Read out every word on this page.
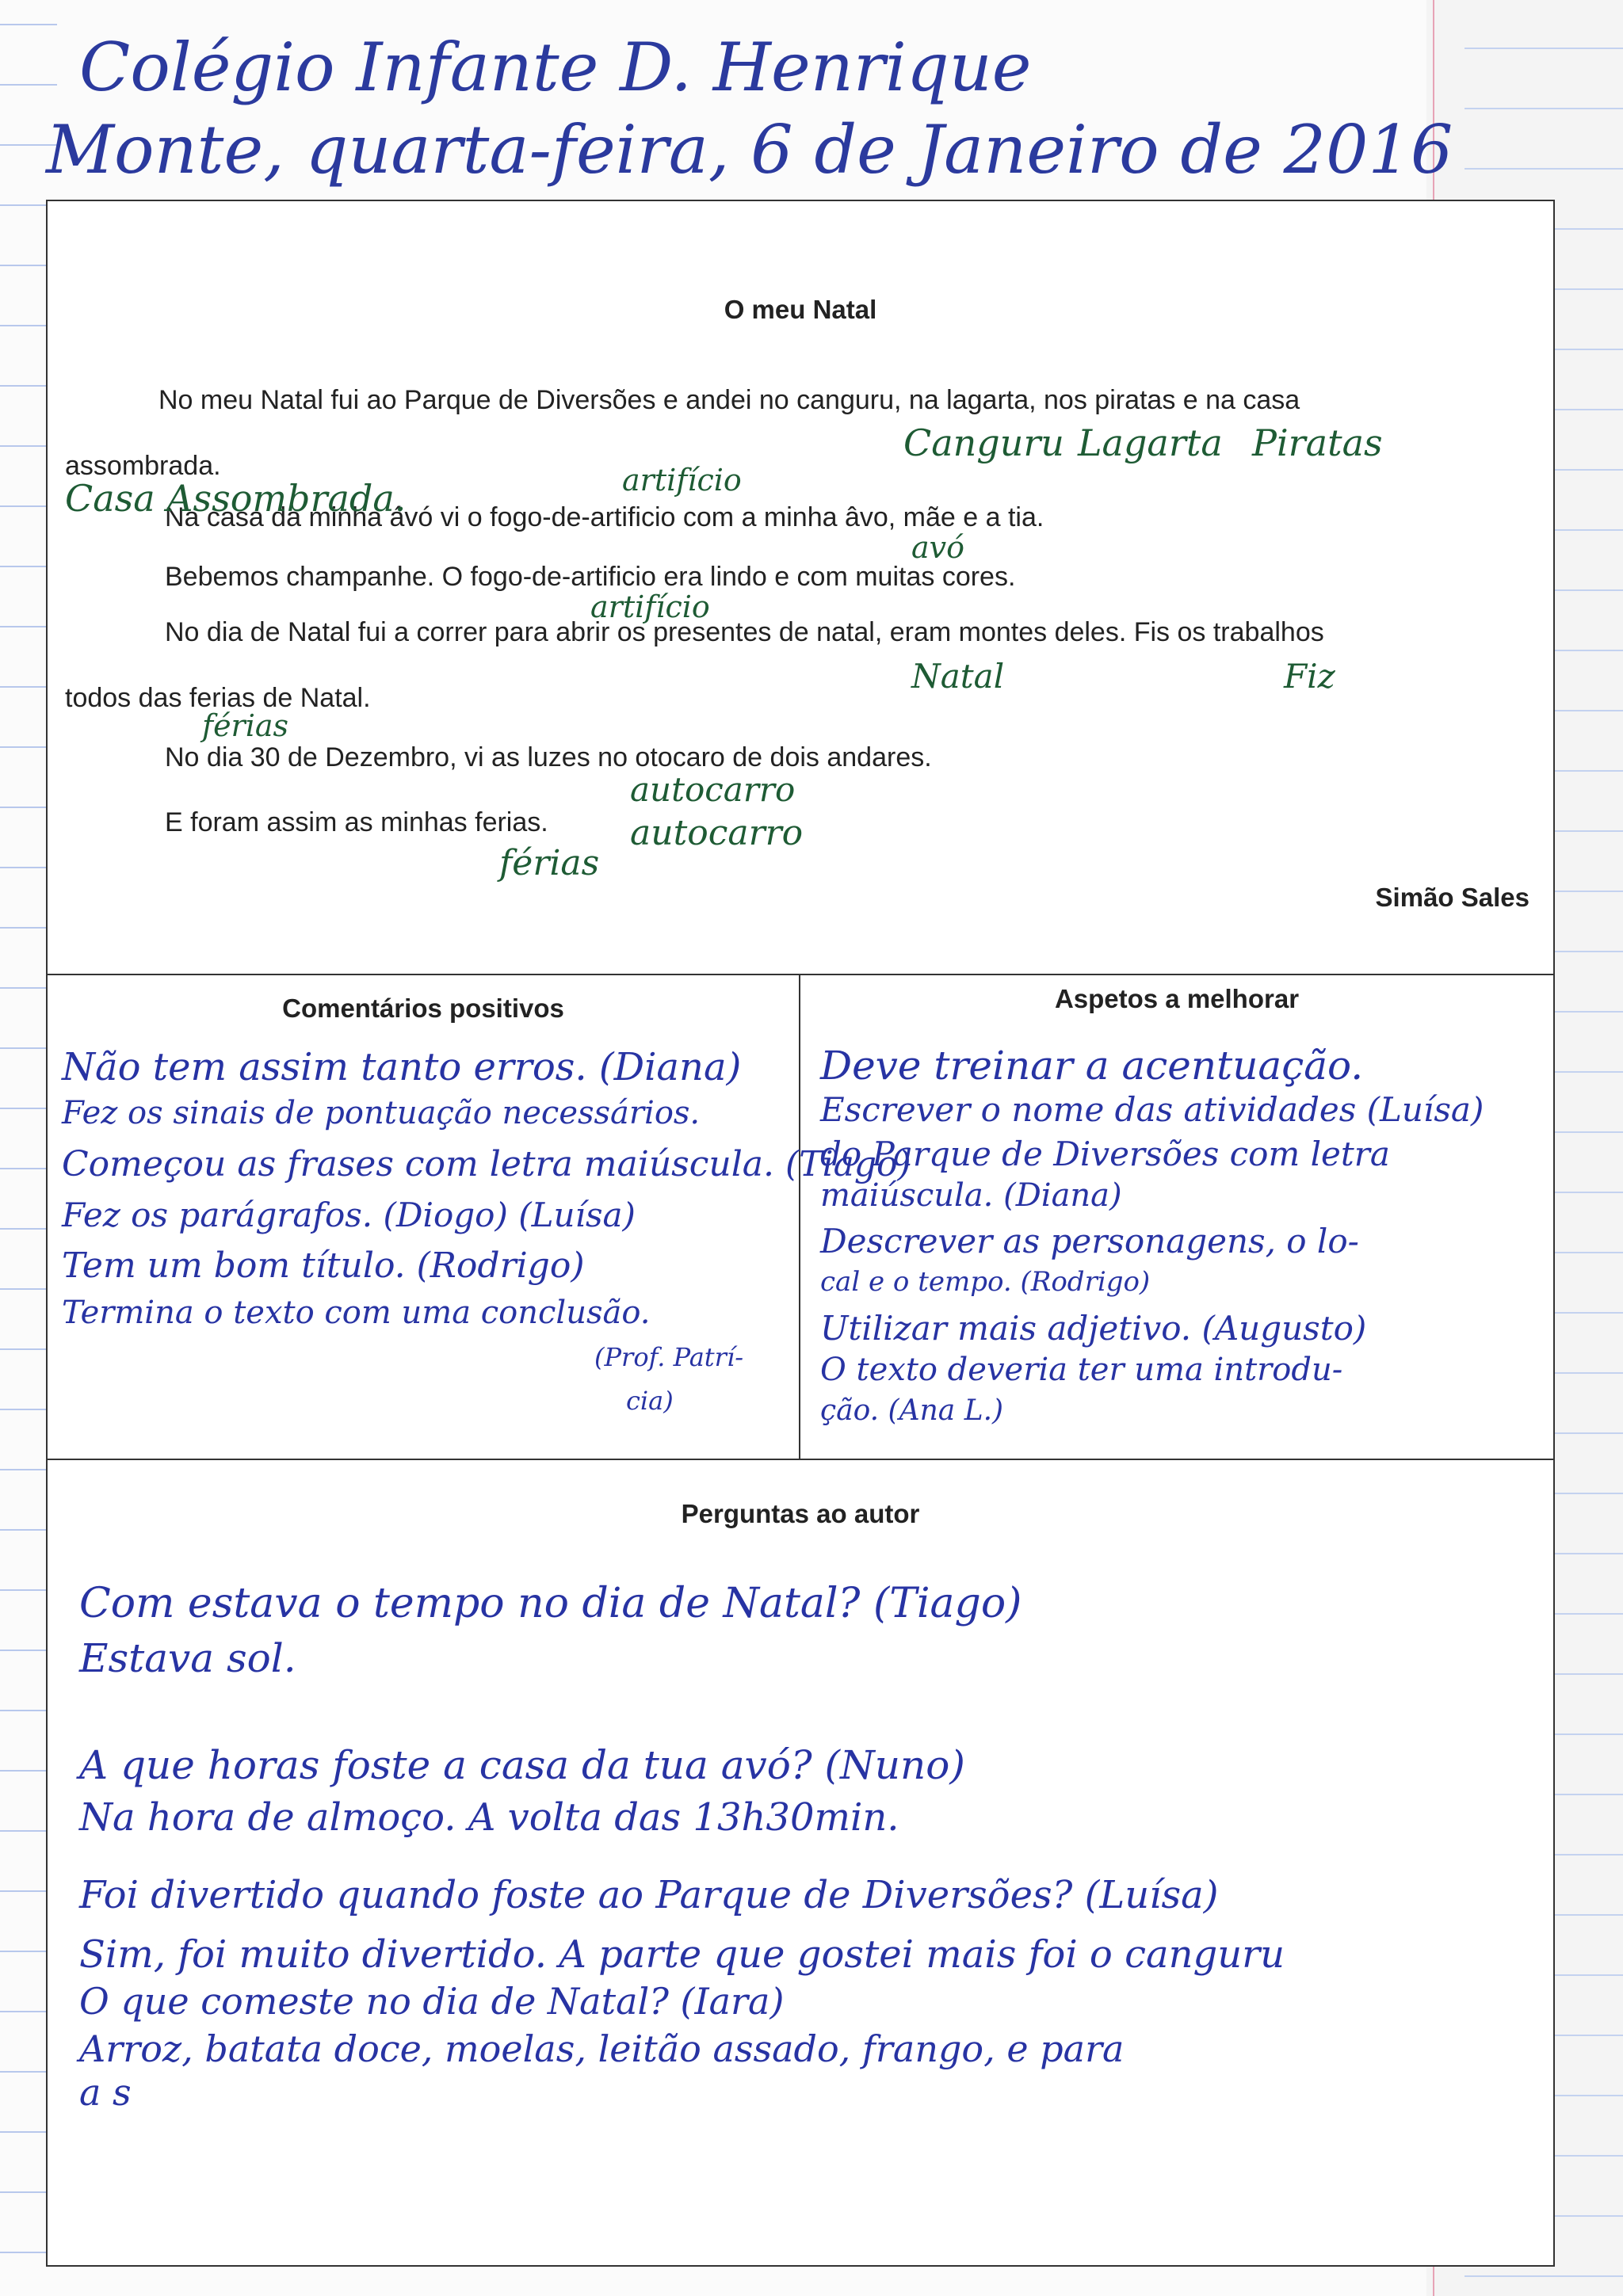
Colégio Infante D. Henrique
Monte, quarta-feira, 6 de Janeiro de 2016
O meu Natal
No meu Natal fui ao Parque de Diversões e andei no canguru, na lagarta, nos piratas e na casa
assombrada.
Na casa da minha ávó vi o fogo-de-artificio com a minha âvo, mãe e a tia.
Bebemos champanhe. O fogo-de-artificio era lindo e com muitas cores.
No dia de Natal fui a correr para abrir os presentes de natal, eram montes deles. Fis os trabalhos
todos das ferias de Natal.
No dia 30 de Dezembro, vi as luzes no otocaro de dois andares.
E foram assim as minhas ferias.
Canguru Lagarta Piratas
Casa Assombrada.	artifício
avó
artifício
Natal	Fiz
férias
autocarro
férias
autocarro
Simão Sales
Comentários positivos	Aspetos a melhorar
Não tem assim tanto erros. (Diana)
Fez os sinais de pontuação necessários.
Começou as frases com letra maiúscula. (Tiago)
Fez os parágrafos. (Diogo) (Luísa)
Tem um bom título. (Rodrigo)
Termina o texto com uma conclusão.
(Prof. Patrí-
cia)
Deve treinar a acentuação.
Escrever o nome das atividades (Luísa)
do Parque de Diversões com letra
maiúscula. (Diana)
Descrever as personagens, o lo-
cal e o tempo. (Rodrigo)
Utilizar mais adjetivo. (Augusto)
O texto deveria ter uma introdu-
ção. (Ana L.)
Perguntas ao autor
Com estava o tempo no dia de Natal? (Tiago)
Estava sol.
A que horas foste a casa da tua avó? (Nuno)
Na hora de almoço. A volta das 13h30min.
Foi divertido quando foste ao Parque de Diversões? (Luísa)
Sim, foi muito divertido. A parte que gostei mais foi o canguru
O que comeste no dia de Natal? (Iara)
Arroz, batata doce, moelas, leitão assado, frango, e para
a s
